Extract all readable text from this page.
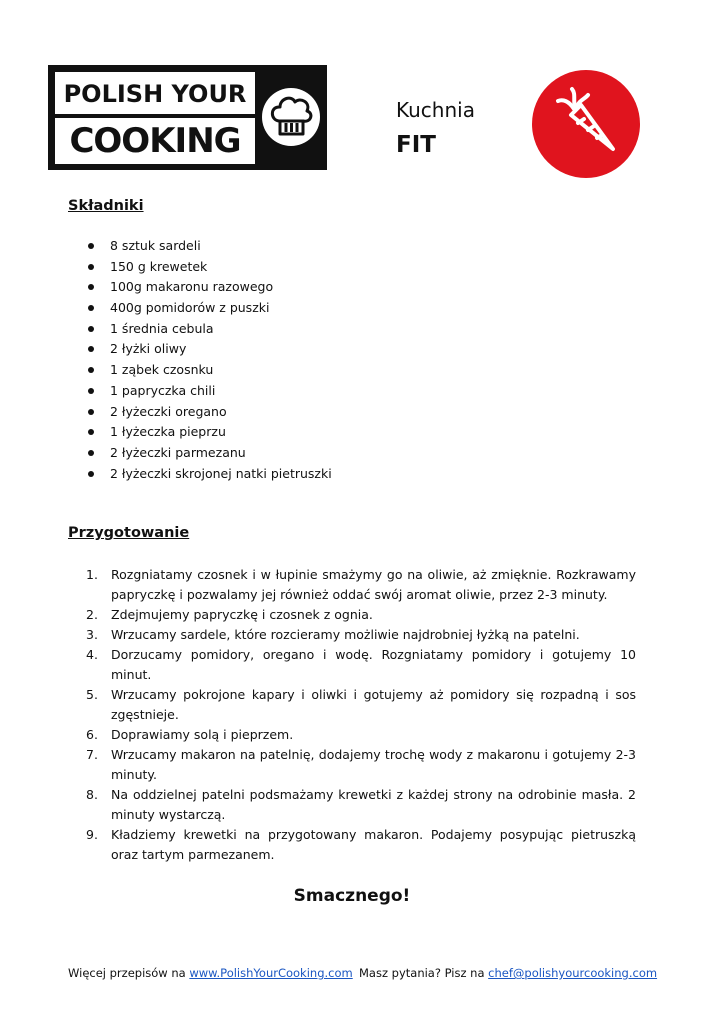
POLISH YOUR
COOKING
Kuchnia
FIT
Składniki
8 sztuk sardeli
150 g krewetek
100g makaronu razowego
400g pomidorów z puszki
1 średnia cebula
2 łyżki oliwy
1 ząbek czosnku
1 papryczka chili
2 łyżeczki oregano
1 łyżeczka pieprzu
2 łyżeczki parmezanu
2 łyżeczki skrojonej natki pietruszki
Przygotowanie
1. Rozgniatamy czosnek i w łupinie smażymy go na oliwie, aż zmięknie. Rozkrawamy papryczkę i pozwalamy jej również oddać swój aromat oliwie, przez 2-3 minuty.
2. Zdejmujemy papryczkę i czosnek z ognia.
3. Wrzucamy sardele, które rozcieramy możliwie najdrobniej łyżką na patelni.
4. Dorzucamy pomidory, oregano i wodę. Rozgniatamy pomidory i gotujemy 10 minut.
5. Wrzucamy pokrojone kapary i oliwki i gotujemy aż pomidory się rozpadną i sos zgęstnieje.
6. Doprawiamy solą i pieprzem.
7. Wrzucamy makaron na patelnię, dodajemy trochę wody z makaronu i gotujemy 2-3 minuty.
8. Na oddzielnej patelni podsmażamy krewetki z każdej strony na odrobinie masła. 2 minuty wystarczą.
9. Kładziemy krewetki na przygotowany makaron. Podajemy posypując pietruszką oraz tartym parmezanem.

Smacznego!

Więcej przepisów na www.PolishYourCooking.com Masz pytania? Pisz na chef@polishyourcooking.com
